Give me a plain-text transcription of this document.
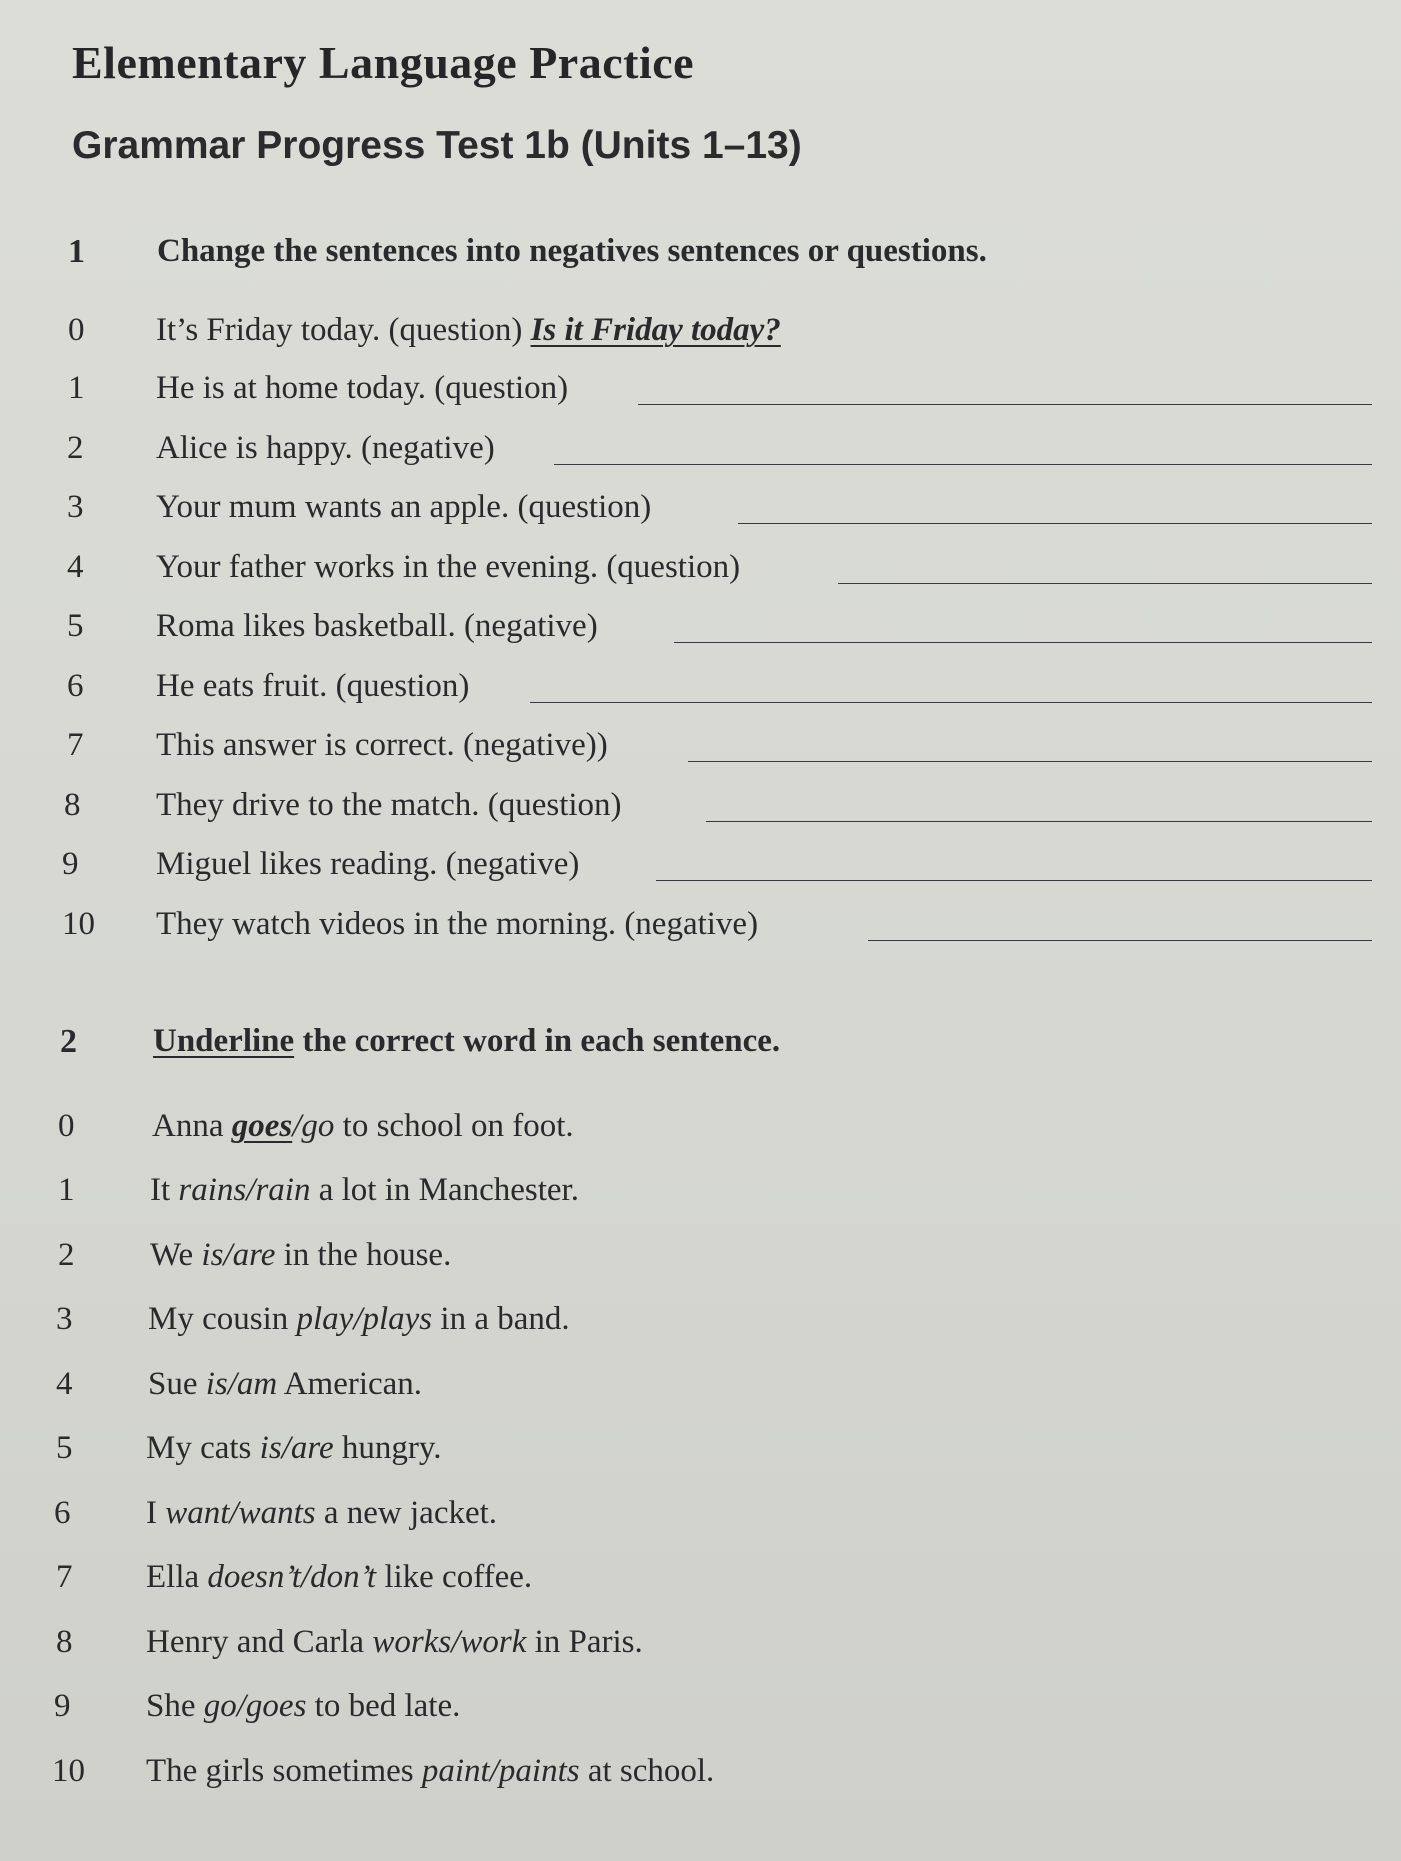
Elementary Language Practice
Grammar Progress Test 1b (Units 1–13)
1 Change the sentences into negatives sentences or questions.
0	It’s Friday today. (question) Is it Friday today?
1	He is at home today. (question)
2	Alice is happy. (negative)
3	Your mum wants an apple. (question)
4	Your father works in the evening. (question)
5	Roma likes basketball. (negative)
6	He eats fruit. (question)
7	This answer is correct. (negative))
8	They drive to the match. (question)
9	Miguel likes reading. (negative)
10	They watch videos in the morning. (negative)
2 Underline the correct word in each sentence.
0	Anna goes/go to school on foot.
1	It rains/rain a lot in Manchester.
2	We is/are in the house.
3	My cousin play/plays in a band.
4	Sue is/am American.
5	My cats is/are hungry.
6	I want/wants a new jacket.
7	Ella doesn’t/don’t like coffee.
8	Henry and Carla works/work in Paris.
9	She go/goes to bed late.
10	The girls sometimes paint/paints at school.
